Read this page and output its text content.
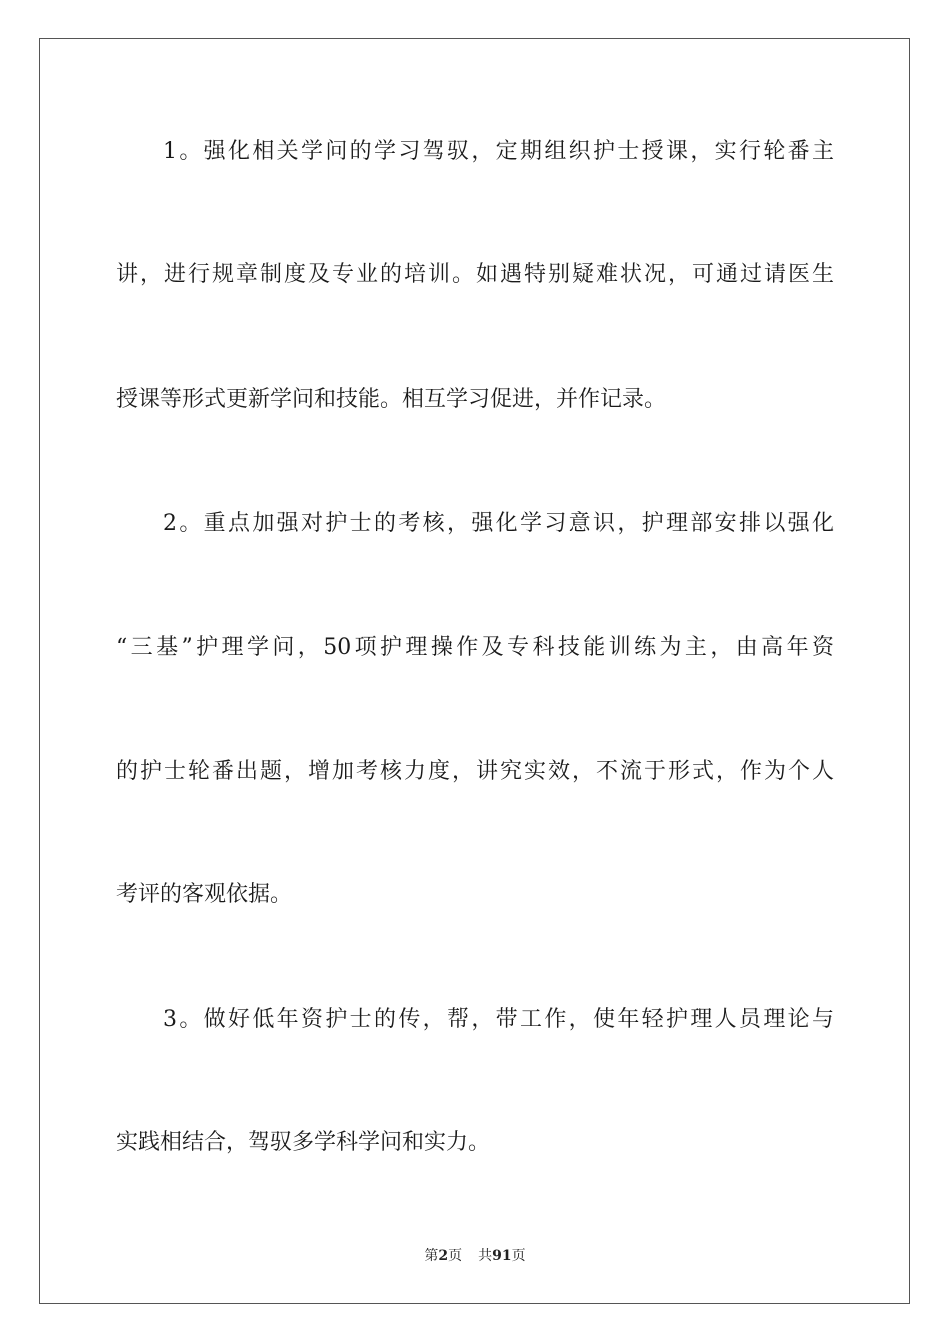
1。强化相关学问的学习驾驭，定期组织护士授课，实行轮番主
讲，进行规章制度及专业的培训。如遇特别疑难状况，可通过请医生
授课等形式更新学问和技能。相互学习促进，并作记录。
2。重点加强对护士的考核，强化学习意识，护理部安排以强化
“三基”护理学问，50项护理操作及专科技能训练为主，由高年资
的护士轮番出题，增加考核力度，讲究实效，不流于形式，作为个人
考评的客观依据。
3。做好低年资护士的传，帮，带工作，使年轻护理人员理论与
实践相结合，驾驭多学科学问和实力。
第2页 共91页
